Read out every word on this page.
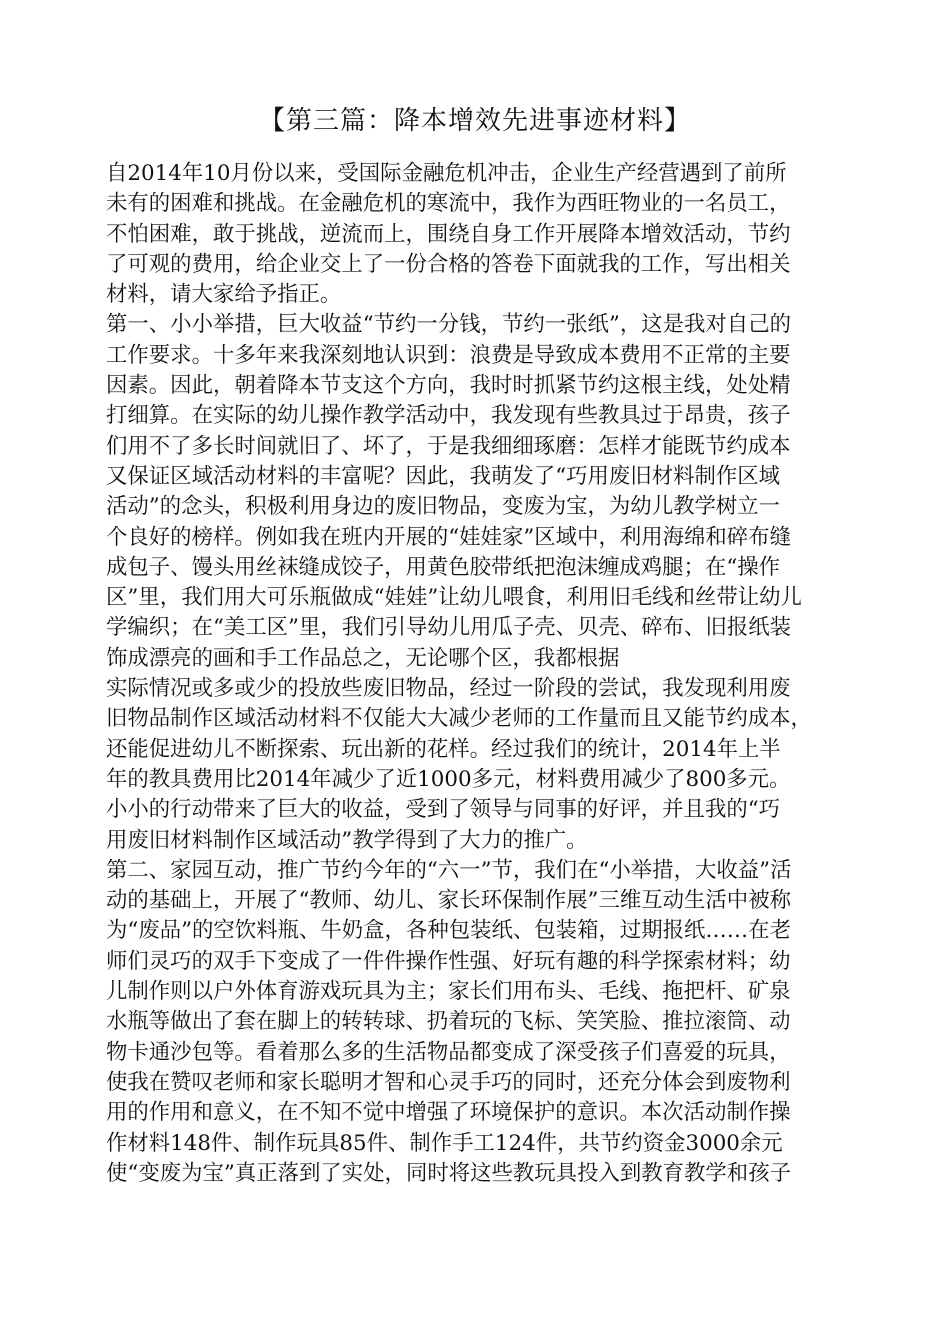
【第三篇：降本增效先进事迹材料】
自2014年10月份以来，受国际金融危机冲击，企业生产经营遇到了前所
未有的困难和挑战。在金融危机的寒流中，我作为西旺物业的一名员工，
不怕困难，敢于挑战，逆流而上，围绕自身工作开展降本增效活动，节约
了可观的费用，给企业交上了一份合格的答卷下面就我的工作，写出相关
材料，请大家给予指正。
第一、小小举措，巨大收益“节约一分钱，节约一张纸”，这是我对自己的
工作要求。十多年来我深刻地认识到：浪费是导致成本费用不正常的主要
因素。因此，朝着降本节支这个方向，我时时抓紧节约这根主线，处处精
打细算。在实际的幼儿操作教学活动中，我发现有些教具过于昂贵，孩子
们用不了多长时间就旧了、坏了，于是我细细琢磨：怎样才能既节约成本
又保证区域活动材料的丰富呢？因此，我萌发了“巧用废旧材料制作区域
活动”的念头，积极利用身边的废旧物品，变废为宝，为幼儿教学树立一
个良好的榜样。例如我在班内开展的“娃娃家”区域中，利用海绵和碎布缝
成包子、馒头用丝袜缝成饺子，用黄色胶带纸把泡沫缠成鸡腿；在“操作
区”里，我们用大可乐瓶做成“娃娃”让幼儿喂食，利用旧毛线和丝带让幼儿
学编织；在“美工区”里，我们引导幼儿用瓜子壳、贝壳、碎布、旧报纸装
饰成漂亮的画和手工作品总之，无论哪个区，我都根据
实际情况或多或少的投放些废旧物品，经过一阶段的尝试，我发现利用废
旧物品制作区域活动材料不仅能大大减少老师的工作量而且又能节约成本，
还能促进幼儿不断探索、玩出新的花样。经过我们的统计，2014年上半
年的教具费用比2014年减少了近1000多元，材料费用减少了800多元。
小小的行动带来了巨大的收益，受到了领导与同事的好评，并且我的“巧
用废旧材料制作区域活动”教学得到了大力的推广。
第二、家园互动，推广节约今年的“六一”节，我们在“小举措，大收益”活
动的基础上，开展了“教师、幼儿、家长环保制作展”三维互动生活中被称
为“废品”的空饮料瓶、牛奶盒，各种包装纸、包装箱，过期报纸……在老
师们灵巧的双手下变成了一件件操作性强、好玩有趣的科学探索材料；幼
儿制作则以户外体育游戏玩具为主；家长们用布头、毛线、拖把杆、矿泉
水瓶等做出了套在脚上的转转球、扔着玩的飞标、笑笑脸、推拉滚筒、动
物卡通沙包等。看着那么多的生活物品都变成了深受孩子们喜爱的玩具，
使我在赞叹老师和家长聪明才智和心灵手巧的同时，还充分体会到废物利
用的作用和意义，在不知不觉中增强了环境保护的意识。本次活动制作操
作材料148件、制作玩具85件、制作手工124件，共节约资金3000余元
使“变废为宝”真正落到了实处，同时将这些教玩具投入到教育教学和孩子
